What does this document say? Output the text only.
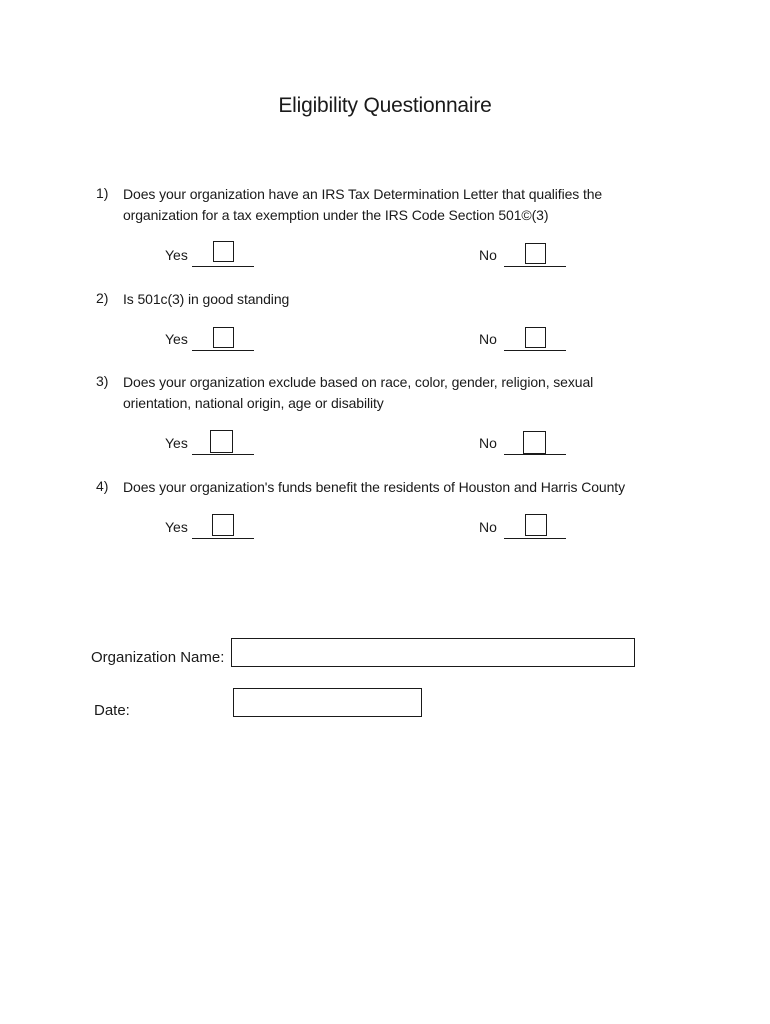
Eligibility Questionnaire
1) Does your organization have an IRS Tax Determination Letter that qualifies the organization for a tax exemption under the IRS Code Section 501©(3)
Yes	No
2) Is 501c(3) in good standing
Yes	No
3) Does your organization exclude based on race, color, gender, religion, sexual orientation, national origin, age or disability
Yes	No
4) Does your organization's funds benefit the residents of Houston and Harris County
Yes	No
Organization Name:
Date:
